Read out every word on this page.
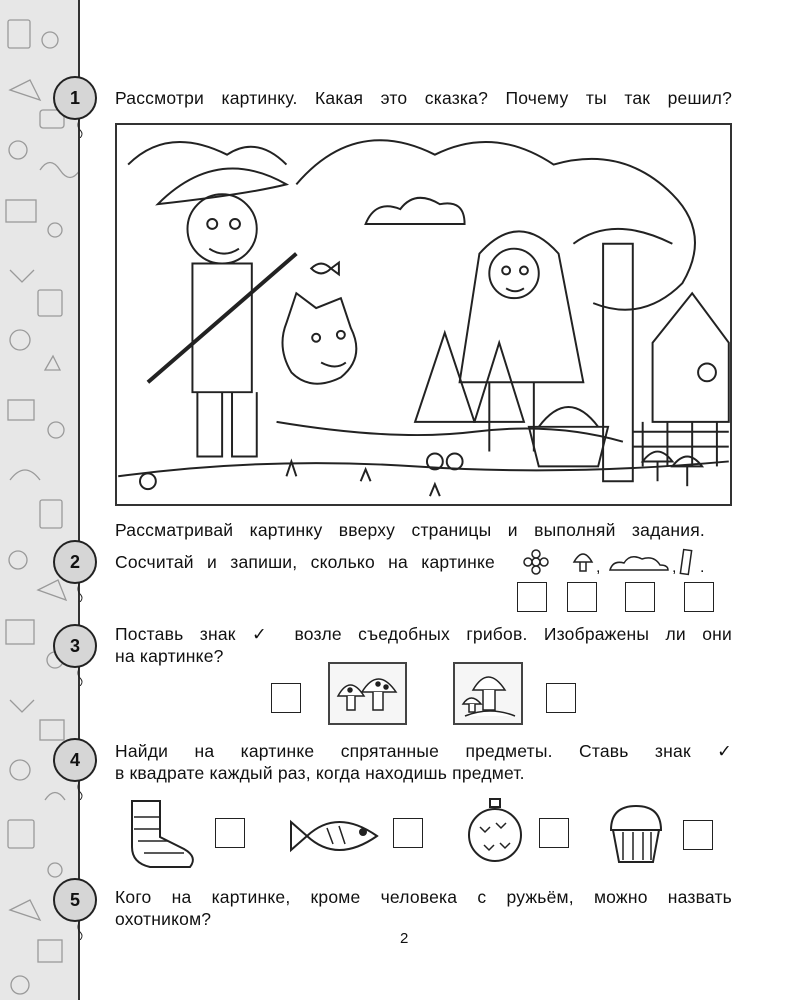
1
2
3
4
5
Рассмотри картинку. Какая это сказка? Почему ты так решил?
Рассматривай картинку вверху страницы и выполняй задания.
Сосчитай и запиши, сколько на картинке	,	, .
Поставь знак ✓ возле съедобных грибов. Изображены ли они
на картинке?
Найди на картинке спрятанные предметы. Ставь знак ✓
в квадрате каждый раз, когда находишь предмет.
Кого на картинке, кроме человека с ружьём, можно назвать
охотником?
2
